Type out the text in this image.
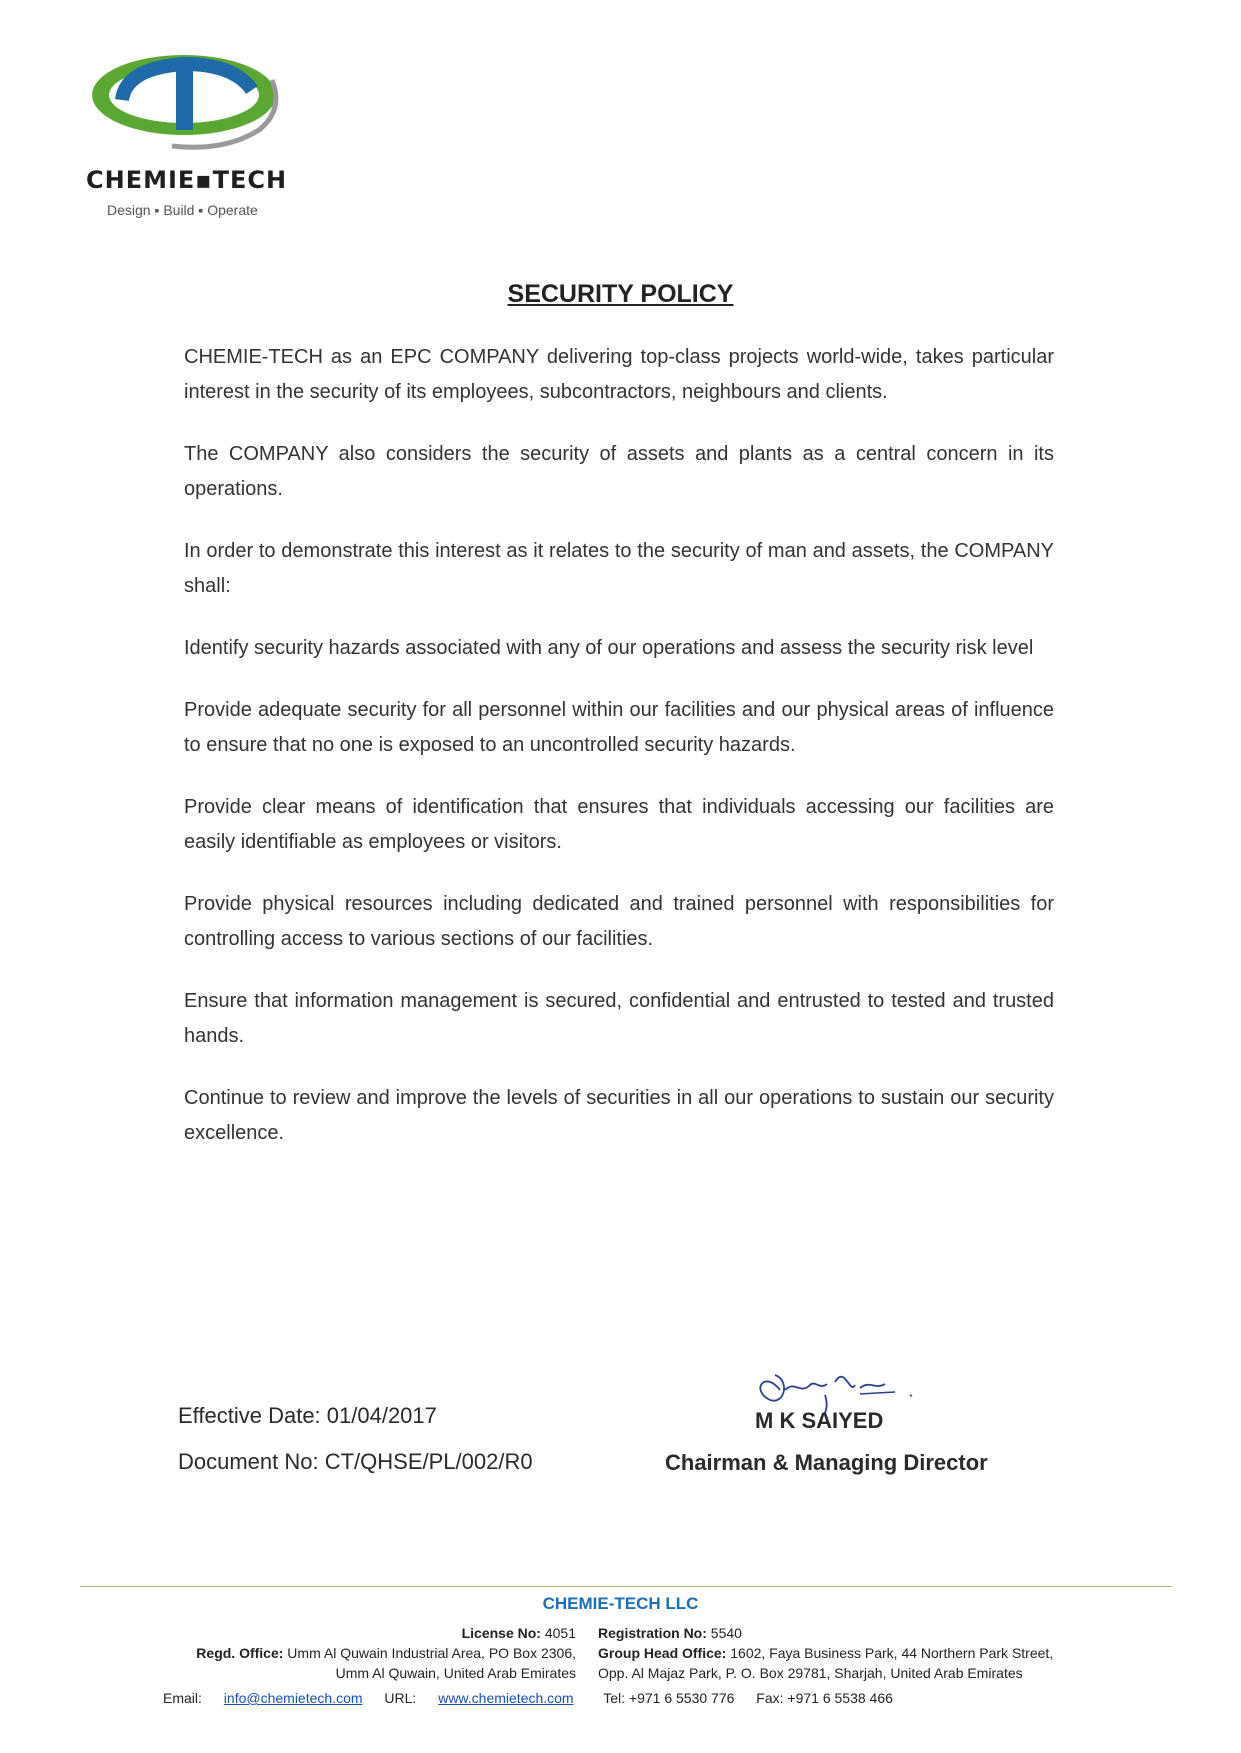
CHEMIE▪TECH

Design ▪ Build ▪ Operate

SECURITY POLICY

CHEMIE-TECH as an EPC COMPANY delivering top-class projects world-wide, takes particular interest in the security of its employees, subcontractors, neighbours and clients.

The COMPANY also considers the security of assets and plants as a central concern in its operations.

In order to demonstrate this interest as it relates to the security of man and assets, the COMPANY shall:

Identify security hazards associated with any of our operations and assess the security risk level

Provide adequate security for all personnel within our facilities and our physical areas of influence to ensure that no one is exposed to an uncontrolled security hazards.

Provide clear means of identification that ensures that individuals accessing our facilities are easily identifiable as employees or visitors.

Provide physical resources including dedicated and trained personnel with responsibilities for controlling access to various sections of our facilities.

Ensure that information management is secured, confidential and entrusted to tested and trusted hands.

Continue to review and improve the levels of securities in all our operations to sustain our security excellence.

Effective Date: 01/04/2017

Document No: CT/QHSE/PL/002/R0

M K SAIYED

Chairman & Managing Director

CHEMIE-TECH LLC

License No: 4051
Regd. Office: Umm Al Quwain Industrial Area, PO Box 2306,
Umm Al Quwain, United Arab Emirates
Registration No: 5540
Group Head Office: 1602, Faya Business Park, 44 Northern Park Street,
Opp. Al Majaz Park, P. O. Box 29781, Sharjah, United Arab Emirates
Email: info@chemietech.com URL: www.chemietech.com Tel: +971 6 5530 776 Fax: +971 6 5538 466
